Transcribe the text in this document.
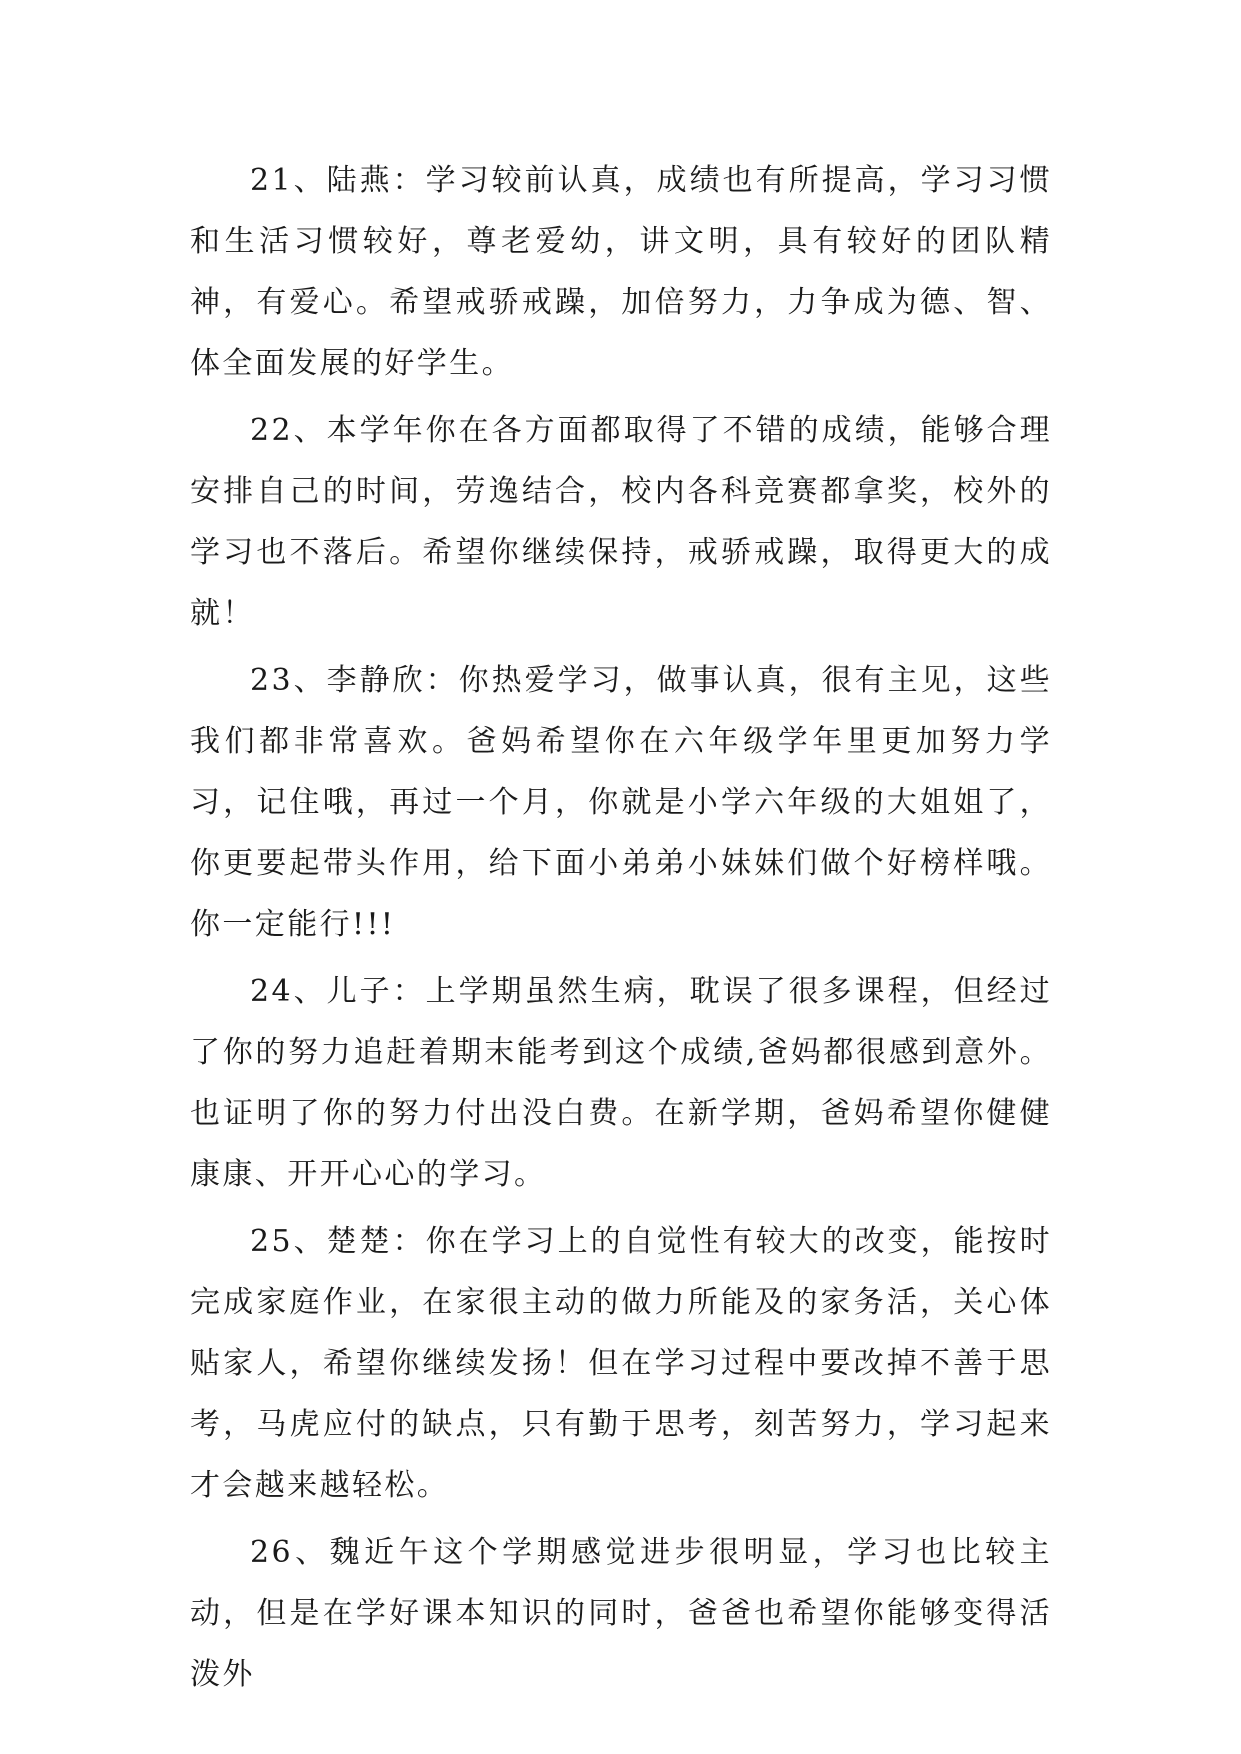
21、陆燕：学习较前认真，成绩也有所提高，学习习惯和生活习惯较好，尊老爱幼，讲文明，具有较好的团队精神，有爱心。希望戒骄戒躁，加倍努力，力争成为德、智、体全面发展的好学生。

22、本学年你在各方面都取得了不错的成绩，能够合理安排自己的时间，劳逸结合，校内各科竞赛都拿奖，校外的学习也不落后。希望你继续保持，戒骄戒躁，取得更大的成就！

23、李静欣：你热爱学习，做事认真，很有主见，这些我们都非常喜欢。爸妈希望你在六年级学年里更加努力学习，记住哦，再过一个月，你就是小学六年级的大姐姐了，你更要起带头作用，给下面小弟弟小妹妹们做个好榜样哦。你一定能行!!!

24、儿子：上学期虽然生病，耽误了很多课程，但经过了你的努力追赶着期末能考到这个成绩,爸妈都很感到意外。也证明了你的努力付出没白费。在新学期，爸妈希望你健健康康、开开心心的学习。

25、楚楚：你在学习上的自觉性有较大的改变，能按时完成家庭作业，在家很主动的做力所能及的家务活，关心体贴家人，希望你继续发扬！但在学习过程中要改掉不善于思考，马虎应付的缺点，只有勤于思考，刻苦努力，学习起来才会越来越轻松。

26、魏近午这个学期感觉进步很明显，学习也比较主动，但是在学好课本知识的同时，爸爸也希望你能够变得活泼外
